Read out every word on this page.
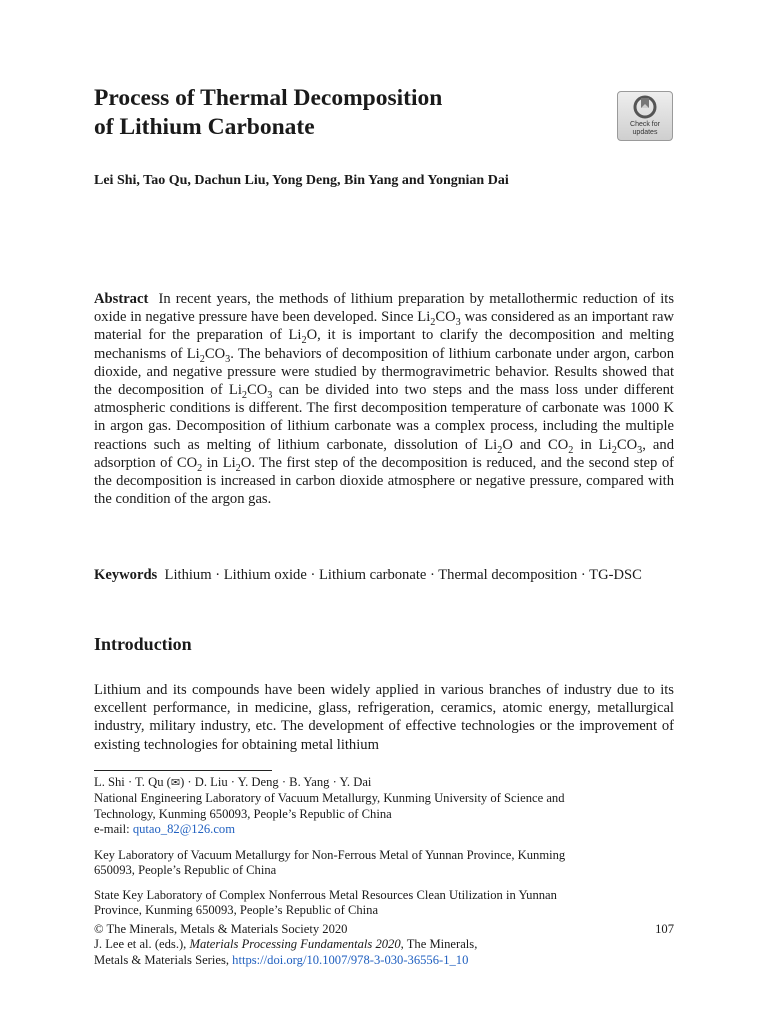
Process of Thermal Decomposition
of Lithium Carbonate	Check for
updates
Lei Shi, Tao Qu, Dachun Liu, Yong Deng, Bin Yang and Yongnian Dai

Abstract In recent years, the methods of lithium preparation by metallothermic reduction of its oxide in negative pressure have been developed. Since $Li_2CO_3$ was considered as an important raw material for the preparation of $Li_2O$, it is important to clarify the decomposition and melting mechanisms of $Li_2CO_3$. The behaviors of decomposition of lithium carbonate under argon, carbon dioxide, and negative pressure were studied by thermogravimetric behavior. Results showed that the decomposition of $Li_2CO_3$ can be divided into two steps and the mass loss under different atmospheric conditions is different. The first decomposition temperature of carbonate was 1000 K in argon gas. Decomposition of lithium carbonate was a complex process, including the multiple reactions such as melting of lithium carbonate, dissolution of $Li_2O$ and $CO_2$ in $Li_2CO_3$, and adsorption of $CO_2$ in $Li_2O$. The first step of the decomposition is reduced, and the second step of the decomposition is increased in carbon dioxide atmosphere or negative pressure, compared with the condition of the argon gas.

Keywords Lithium · Lithium oxide · Lithium carbonate · Thermal decomposition · TG-DSC

Introduction

Lithium and its compounds have been widely applied in various branches of industry due to its excellent performance, in medicine, glass, refrigeration, ceramics, atomic energy, metallurgical industry, military industry, etc. The development of effective technologies or the improvement of existing technologies for obtaining metal lithium

L. Shi · T. Qu (✉) · D. Liu · Y. Deng · B. Yang · Y. Dai
National Engineering Laboratory of Vacuum Metallurgy, Kunming University of Science and
Technology, Kunming 650093, People’s Republic of China
e-mail: qutao_82@126.com

Key Laboratory of Vacuum Metallurgy for Non-Ferrous Metal of Yunnan Province, Kunming
650093, People’s Republic of China

State Key Laboratory of Complex Nonferrous Metal Resources Clean Utilization in Yunnan
Province, Kunming 650093, People’s Republic of China

© The Minerals, Metals & Materials Society 2020
J. Lee et al. (eds.), Materials Processing Fundamentals 2020, The Minerals,
Metals & Materials Series, https://doi.org/10.1007/978-3-030-36556-1_10

107
